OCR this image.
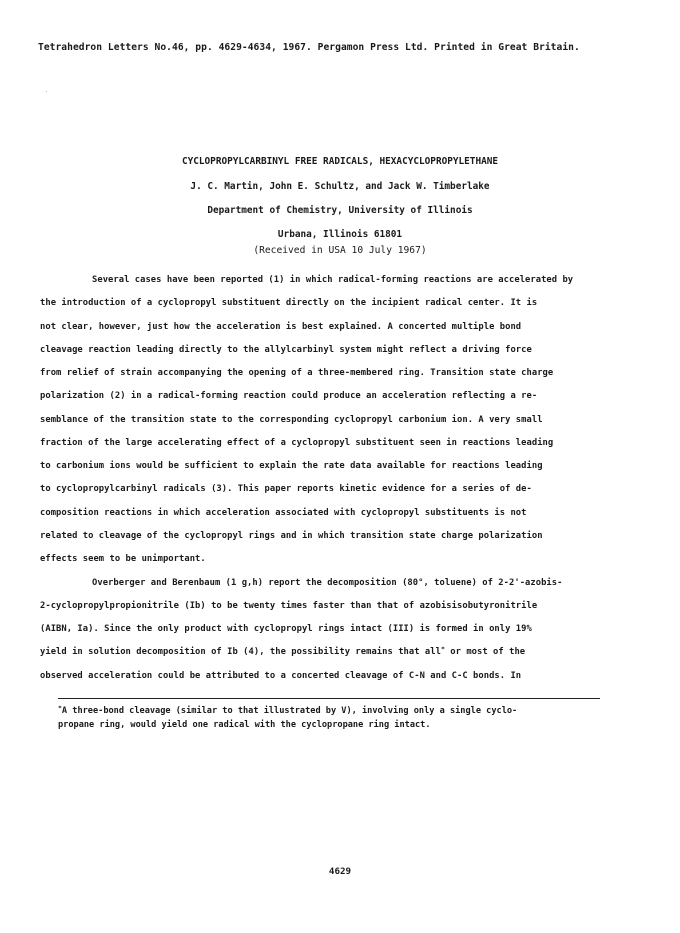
Tetrahedron Letters No.46, pp. 4629-4634, 1967. Pergamon Press Ltd. Printed in Great Britain.
CYCLOPROPYLCARBINYL FREE RADICALS, HEXACYCLOPROPYLETHANE
J. C. Martin, John E. Schultz, and Jack W. Timberlake
Department of Chemistry, University of Illinois
Urbana, Illinois 61801
(Received in USA 10 July 1967)
Several cases have been reported (1) in which radical-forming reactions are accelerated by
the introduction of a cyclopropyl substituent directly on the incipient radical center. It is
not clear, however, just how the acceleration is best explained. A concerted multiple bond
cleavage reaction leading directly to the allylcarbinyl system might reflect a driving force
from relief of strain accompanying the opening of a three-membered ring. Transition state charge
polarization (2) in a radical-forming reaction could produce an acceleration reflecting a re-
semblance of the transition state to the corresponding cyclopropyl carbonium ion. A very small
fraction of the large accelerating effect of a cyclopropyl substituent seen in reactions leading
to carbonium ions would be sufficient to explain the rate data available for reactions leading
to cyclopropylcarbinyl radicals (3). This paper reports kinetic evidence for a series of de-
composition reactions in which acceleration associated with cyclopropyl substituents is not
related to cleavage of the cyclopropyl rings and in which transition state charge polarization
effects seem to be unimportant.
Overberger and Berenbaum (1 g,h) report the decomposition (80°, toluene) of 2-2'-azobis-
2-cyclopropylpropionitrile (Ib) to be twenty times faster than that of azobisisobutyronitrile
(AIBN, Ia). Since the only product with cyclopropyl rings intact (III) is formed in only 19%
yield in solution decomposition of Ib (4), the possibility remains that all* or most of the
observed acceleration could be attributed to a concerted cleavage of C-N and C-C bonds. In
*A three-bond cleavage (similar to that illustrated by V), involving only a single cyclo-
propane ring, would yield one radical with the cyclopropane ring intact.
4629
